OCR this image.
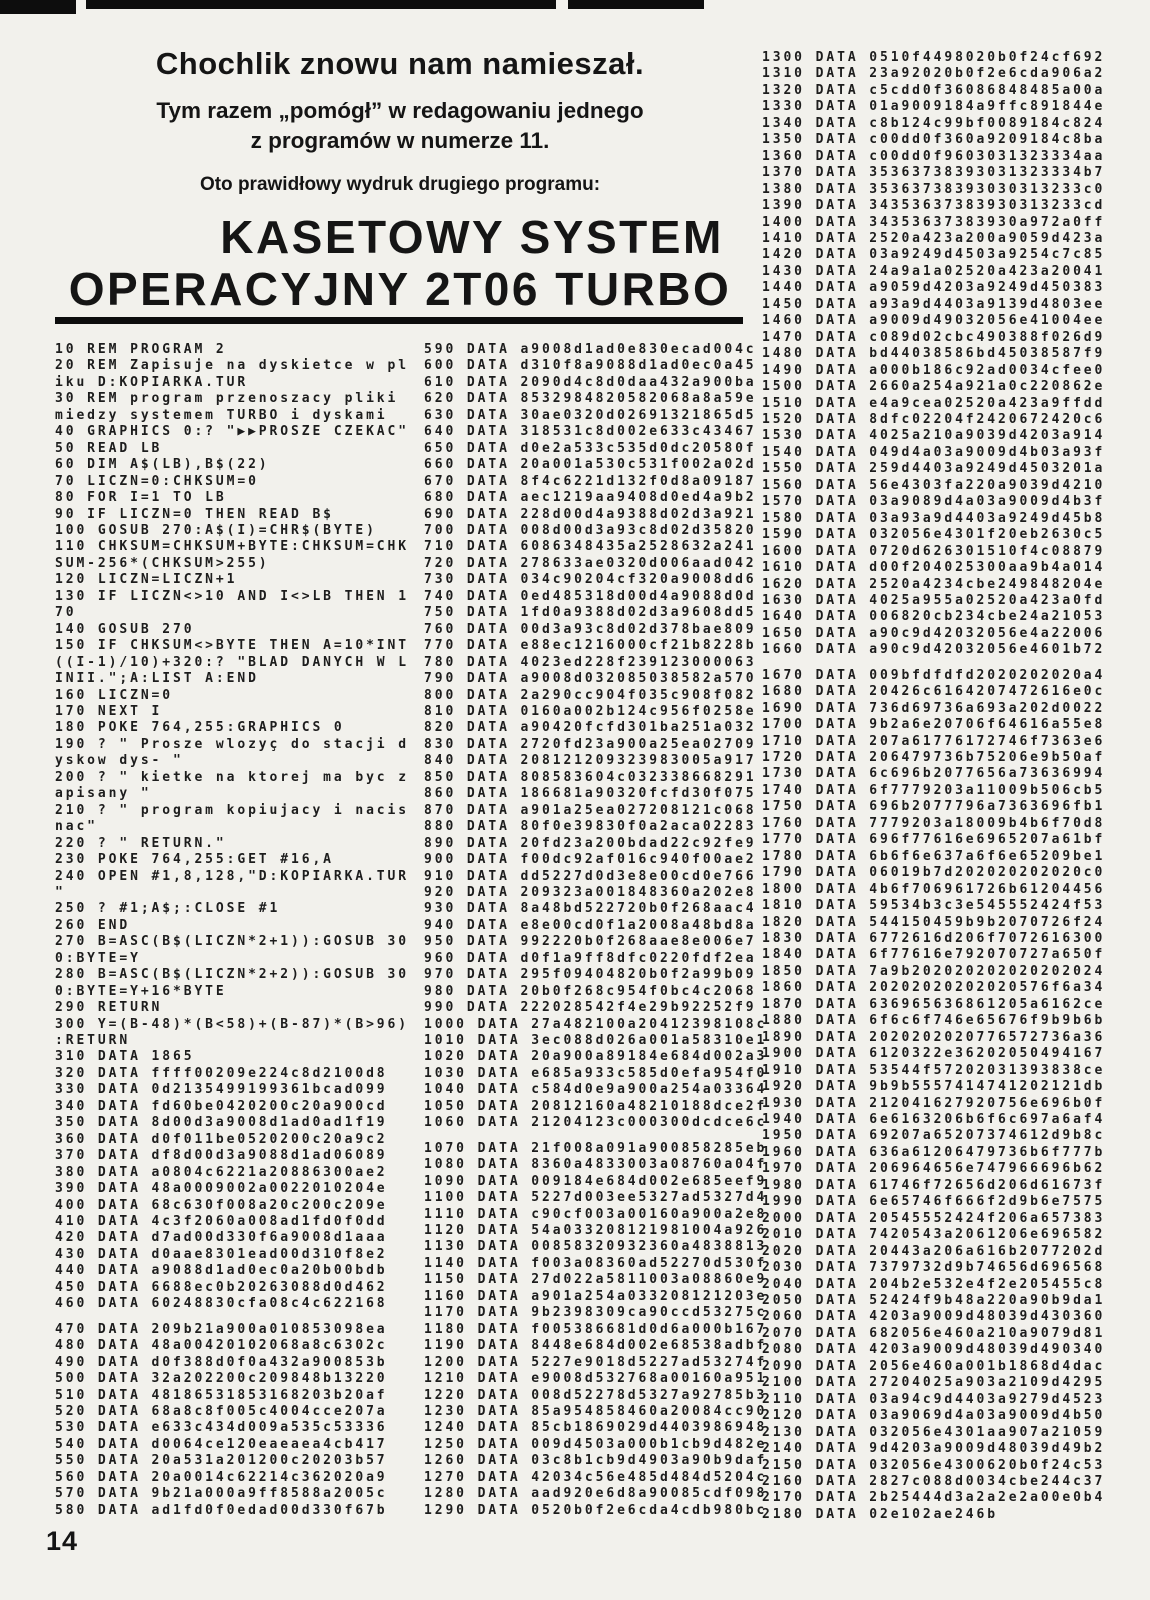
Chochlik znowu nam namieszał.
Tym razem „pomógł” w redagowaniu jednego
z programów w numerze 11.
Oto prawidłowy wydruk drugiego programu:
KASETOWY SYSTEM
OPERACYJNY 2T06 TURBO
10 REM PROGRAM 2
20 REM Zapisuje na dyskietce w pl
iku D:KOPIARKA.TUR
30 REM program przenoszacy pliki
miedzy systemem TURBO i dyskami
40 GRAPHICS 0:? "▶▶PROSZE CZEKAC"
50 READ LB
60 DIM A$(LB),B$(22)
70 LICZN=0:CHKSUM=0
80 FOR I=1 TO LB
90 IF LICZN=0 THEN READ B$
100 GOSUB 270:A$(I)=CHR$(BYTE)
110 CHKSUM=CHKSUM+BYTE:CHKSUM=CHK
SUM-256*(CHKSUM>255)
120 LICZN=LICZN+1
130 IF LICZN<>10 AND I<>LB THEN 1
70
140 GOSUB 270
150 IF CHKSUM<>BYTE THEN A=10*INT
((I-1)/10)+320:? "BLAD DANYCH W L
INII.";A:LIST A:END
160 LICZN=0
170 NEXT I
180 POKE 764,255:GRAPHICS 0
190 ? " Prosze wlozyç do stacji d
yskow dys- "
200 ? " kietke na ktorej ma byc z
apisany "
210 ? " program kopiujacy i nacis
nac"
220 ? " RETURN."
230 POKE 764,255:GET #16,A
240 OPEN #1,8,128,"D:KOPIARKA.TUR
"
250 ? #1;A$;:CLOSE #1
260 END
270 B=ASC(B$(LICZN*2+1)):GOSUB 30
0:BYTE=Y
280 B=ASC(B$(LICZN*2+2)):GOSUB 30
0:BYTE=Y+16*BYTE
290 RETURN
300 Y=(B-48)*(B<58)+(B-87)*(B>96)
:RETURN
310 DATA 1865
320 DATA ffff00209e224c8d2100d8
330 DATA 0d2135499199361bcad099
340 DATA fd60be0420200c20a900cd
350 DATA 8d00d3a9008d1ad0ad1f19
360 DATA d0f011be0520200c20a9c2
370 DATA df8d00d3a9088d1ad06089
380 DATA a0804c6221a20886300ae2
390 DATA 48a0009002a0022010204e
400 DATA 68c630f008a20c200c209e
410 DATA 4c3f2060a008ad1fd0f0dd
420 DATA d7ad00d330f6a9008d1aaa
430 DATA d0aae8301ead00d310f8e2
440 DATA a9088d1ad0ec0a20b00bdb
450 DATA 6688ec0b20263088d0d462
460 DATA 60248830cfa08c4c622168
470 DATA 209b21a900a010853098ea
480 DATA 48a00420102068a8c6302c
490 DATA d0f388d0f0a432a900853b
500 DATA 32a202200c209848b13220
510 DATA 48186531853168203b20af
520 DATA 68a8c8f005c4004cce207a
530 DATA e633c434d009a535c53336
540 DATA d0064ce120eaeaea4cb417
550 DATA 20a531a201200c20203b57
560 DATA 20a0014c62214c362020a9
570 DATA 9b21a000a9ff8588a2005c
580 DATA ad1fd0f0edad00d330f67b
590 DATA a9008d1ad0e830ecad004c
600 DATA d310f8a9088d1ad0ec0a45
610 DATA 2090d4c8d0daa432a900ba
620 DATA 8532984820582068a8a59e
630 DATA 30ae0320d02691321865d5
640 DATA 318531c8d002e633c43467
650 DATA d0e2a533c535d0dc20580f
660 DATA 20a001a530c531f002a02d
670 DATA 8f4c6221d132f0d8a09187
680 DATA aec1219aa9408d0ed4a9b2
690 DATA 228d00d4a9388d02d3a921
700 DATA 008d00d3a93c8d02d35820
710 DATA 6086348435a2528632a241
720 DATA 278633ae0320d006aad042
730 DATA 034c90204cf320a9008dd6
740 DATA 0ed485318d00d4a9088d0d
750 DATA 1fd0a9388d02d3a9608dd5
760 DATA 00d3a93c8d02d378bae809
770 DATA e88ec1216000cf21b8228b
780 DATA 4023ed228f239123000063
790 DATA a9008d032085038582a570
800 DATA 2a290cc904f035c908f082
810 DATA 0160a002b124c956f0258e
820 DATA a90420fcfd301ba251a032
830 DATA 2720fd23a900a25ea02709
840 DATA 208121209323983005a917
850 DATA 808583604c032338668291
860 DATA 186681a90320fcfd30f075
870 DATA a901a25ea027208121c068
880 DATA 80f0e39830f0a2aca02283
890 DATA 20fd23a200bdad22c92fe9
900 DATA f00dc92af016c940f00ae2
910 DATA dd5227d0d3e8e00cd0e766
920 DATA 209323a001848360a202e8
930 DATA 8a48bd522720b0f268aac4
940 DATA e8e00cd0f1a2008a48bd8a
950 DATA 992220b0f268aae8e006e7
960 DATA d0f1a9ff8dfc0220fdf2ea
970 DATA 295f09404820b0f2a99b09
980 DATA 20b0f268c954f0bc4c2068
990 DATA 222028542f4e29b92252f9
1000 DATA 27a482100a20412398108c
1010 DATA 3ec088d026a001a58310e1
1020 DATA 20a900a89184e684d002a3
1030 DATA e685a933c585d0efa954f0
1040 DATA c584d0e9a900a254a03364
1050 DATA 20812160a48210188dce2f
1060 DATA 21204123c000300dcdce6c
1070 DATA 21f008a091a900858285eb
1080 DATA 8360a4833003a08760a04f
1090 DATA 009184e684d002e685eef9
1100 DATA 5227d003ee5327ad5327d4
1110 DATA c90cf003a00160a900a2e8
1120 DATA 54a033208121981004a926
1130 DATA 00858320932360a4838813
1140 DATA f003a08360ad52270d530f
1150 DATA 27d022a5811003a08860e9
1160 DATA a901a254a033208121203e
1170 DATA 9b2398309ca90ccd53275c
1180 DATA f005386681d0d6a000b167
1190 DATA 8448e684d002e68538adbf
1200 DATA 5227e9018d5227ad53274f
1210 DATA e9008d532768a00160a951
1220 DATA 008d52278d5327a92785b3
1230 DATA 85a954858460a20084cc90
1240 DATA 85cb1869029d4403986948
1250 DATA 009d4503a000b1cb9d482e
1260 DATA 03c8b1cb9d4903a90b9daf
1270 DATA 42034c56e485d484d5204c
1280 DATA aad920e6d8a90085cdf098
1290 DATA 0520b0f2e6cda4cdb980bc
1300 DATA 0510f4498020b0f24cf692
1310 DATA 23a92020b0f2e6cda906a2
1320 DATA c5cdd0f36086848485a00a
1330 DATA 01a9009184a9ffc891844e
1340 DATA c8b124c99bf0089184c824
1350 DATA c00dd0f360a9209184c8ba
1360 DATA c00dd0f9603031323334aa
1370 DATA 35363738393031323334b7
1380 DATA 35363738393030313233c0
1390 DATA 34353637383930313233cd
1400 DATA 34353637383930a972a0ff
1410 DATA 2520a423a200a9059d423a
1420 DATA 03a9249d4503a9254c7c85
1430 DATA 24a9a1a02520a423a20041
1440 DATA a9059d4203a9249d450383
1450 DATA a93a9d4403a9139d4803ee
1460 DATA a9009d49032056e41004ee
1470 DATA c089d02cbc490388f026d9
1480 DATA bd44038586bd45038587f9
1490 DATA a000b186c92ad0034cfee0
1500 DATA 2660a254a921a0c220862e
1510 DATA e4a9cea02520a423a9ffdd
1520 DATA 8dfc02204f2420672420c6
1530 DATA 4025a210a9039d4203a914
1540 DATA 049d4a03a9009d4b03a93f
1550 DATA 259d4403a9249d4503201a
1560 DATA 56e4303fa220a9039d4210
1570 DATA 03a9089d4a03a9009d4b3f
1580 DATA 03a93a9d4403a9249d45b8
1590 DATA 032056e4301f20eb2630c5
1600 DATA 0720d626301510f4c08879
1610 DATA d00f204025300aa9b4a014
1620 DATA 2520a4234cbe249848204e
1630 DATA 4025a955a02520a423a0fd
1640 DATA 006820cb234cbe24a21053
1650 DATA a90c9d42032056e4a22006
1660 DATA a90c9d42032056e4601b72
1670 DATA 009bfdfdfd2020202020a4
1680 DATA 20426c6164207472616e0c
1690 DATA 736d69736a693a202d0022
1700 DATA 9b2a6e20706f64616a55e8
1710 DATA 207a61776172746f7363e6
1720 DATA 206479736b75206e9b50af
1730 DATA 6c696b2077656a73636994
1740 DATA 6f7779203a11009b506cb5
1750 DATA 696b2077796a7363696fb1
1760 DATA 7779203a18009b4b6f70d8
1770 DATA 696f77616e6965207a61bf
1780 DATA 6b6f6e637a6f6e65209be1
1790 DATA 06019b7d202020202020c0
1800 DATA 4b6f706961726b61204456
1810 DATA 59534b3c3e545552424f53
1820 DATA 544150459b9b2070726f24
1830 DATA 6772616d206f7072616300
1840 DATA 6f77616e792070727a650f
1850 DATA 7a9b202020202020202024
1860 DATA 20202020202020576f6a34
1870 DATA 636965636861205a6162ce
1880 DATA 6f6c6f746e65676f9b9b6b
1890 DATA 2020202020776572736a36
1900 DATA 6120322e36202050494167
1910 DATA 53544f57202031393838ce
1920 DATA 9b9b5557414741202121db
1930 DATA 212041627920756e696b0f
1940 DATA 6e6163206b6f6c697a6af4
1950 DATA 69207a65207374612d9b8c
1960 DATA 636a61206479736b6f777b
1970 DATA 206964656e747966696b62
1980 DATA 61746f72656d206d61673f
1990 DATA 6e65746f666f2d9b6e7575
2000 DATA 20545552424f206a657383
2010 DATA 7420543a2061206e696582
2020 DATA 20443a206a616b2077202d
2030 DATA 7379732d9b74656d696568
2040 DATA 204b2e532e4f2e205455c8
2050 DATA 52424f9b48a220a90b9da1
2060 DATA 4203a9009d48039d430360
2070 DATA 682056e460a210a9079d81
2080 DATA 4203a9009d48039d490340
2090 DATA 2056e460a001b1868d4dac
2100 DATA 27204025a903a2109d4295
2110 DATA 03a94c9d4403a9279d4523
2120 DATA 03a9069d4a03a9009d4b50
2130 DATA 032056e4301aa907a21059
2140 DATA 9d4203a9009d48039d49b2
2150 DATA 032056e4300620b0f24c53
2160 DATA 2827c088d0034cbe244c37
2170 DATA 2b25444d3a2a2e2a00e0b4
2180 DATA 02e102ae246b
14
